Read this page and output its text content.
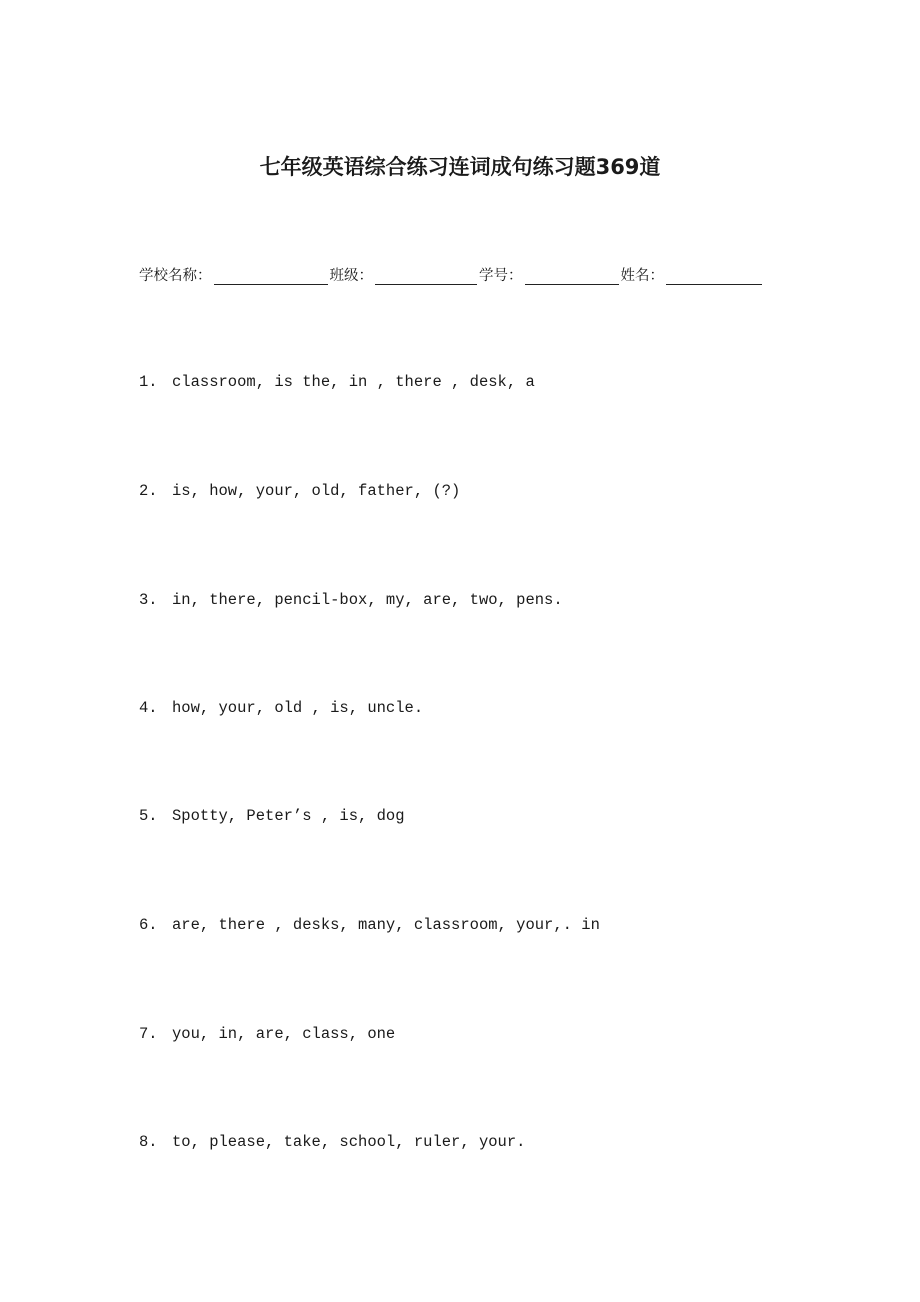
七年级英语综合练习连词成句练习题369道
学校名称：	班级：	学号：	姓名：
1. classroom, is the, in , there , desk, a
2. is, how, your, old, father, (?)
3. in, there, pencil-box, my, are, two, pens.
4. how, your, old , is, uncle.
5. Spotty, Peter’s , is, dog
6. are, there , desks, many, classroom, your,. in
7. you, in, are, class, one
8. to, please, take, school, ruler, your.
